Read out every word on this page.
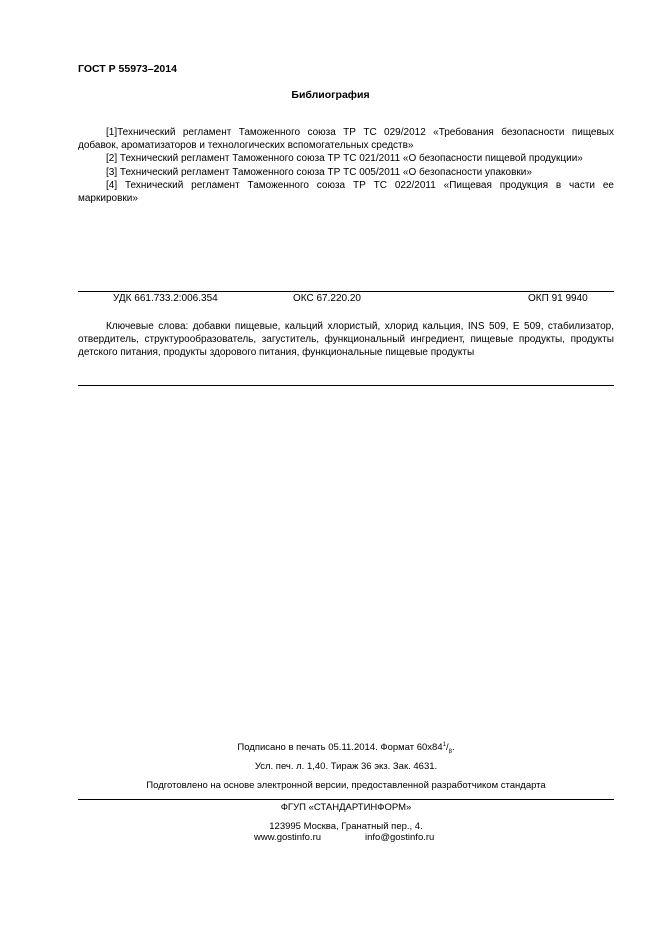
ГОСТ Р 55973–2014
Библиография

[1]Технический регламент Таможенного союза ТР ТС 029/2012 «Требования безопасности пищевых добавок, ароматизаторов и технологических вспомогательных средств»

[2] Технический регламент Таможенного союза ТР ТС 021/2011 «О безопасности пищевой продукции»

[3] Технический регламент Таможенного союза ТР ТС 005/2011 «О безопасности упаковки»

[4] Технический регламент Таможенного союза ТР ТС 022/2011 «Пищевая продукция в части ее маркировки»

УДК 661.733.2:006.354	ОКС 67.220.20	ОКП 91 9940

Ключевые слова: добавки пищевые, кальций хлористый, хлорид кальция, INS 509, E 509, стабилизатор, отвердитель, структурообразователь, загуститель, функциональный ингредиент, пищевые продукты, продукты детского питания, продукты здорового питания, функциональные пищевые продукты

Подписано в печать 05.11.2014. Формат $60х84^1/_8$.
Усл. печ. л. 1,40. Тираж 36 экз. Зак. 4631.
Подготовлено на основе электронной версии, предоставленной разработчиком стандарта
ФГУП «СТАНДАРТИНФОРМ»
123995 Москва, Гранатный пер., 4.
www.gostinfo.ru	info@gostinfo.ru
